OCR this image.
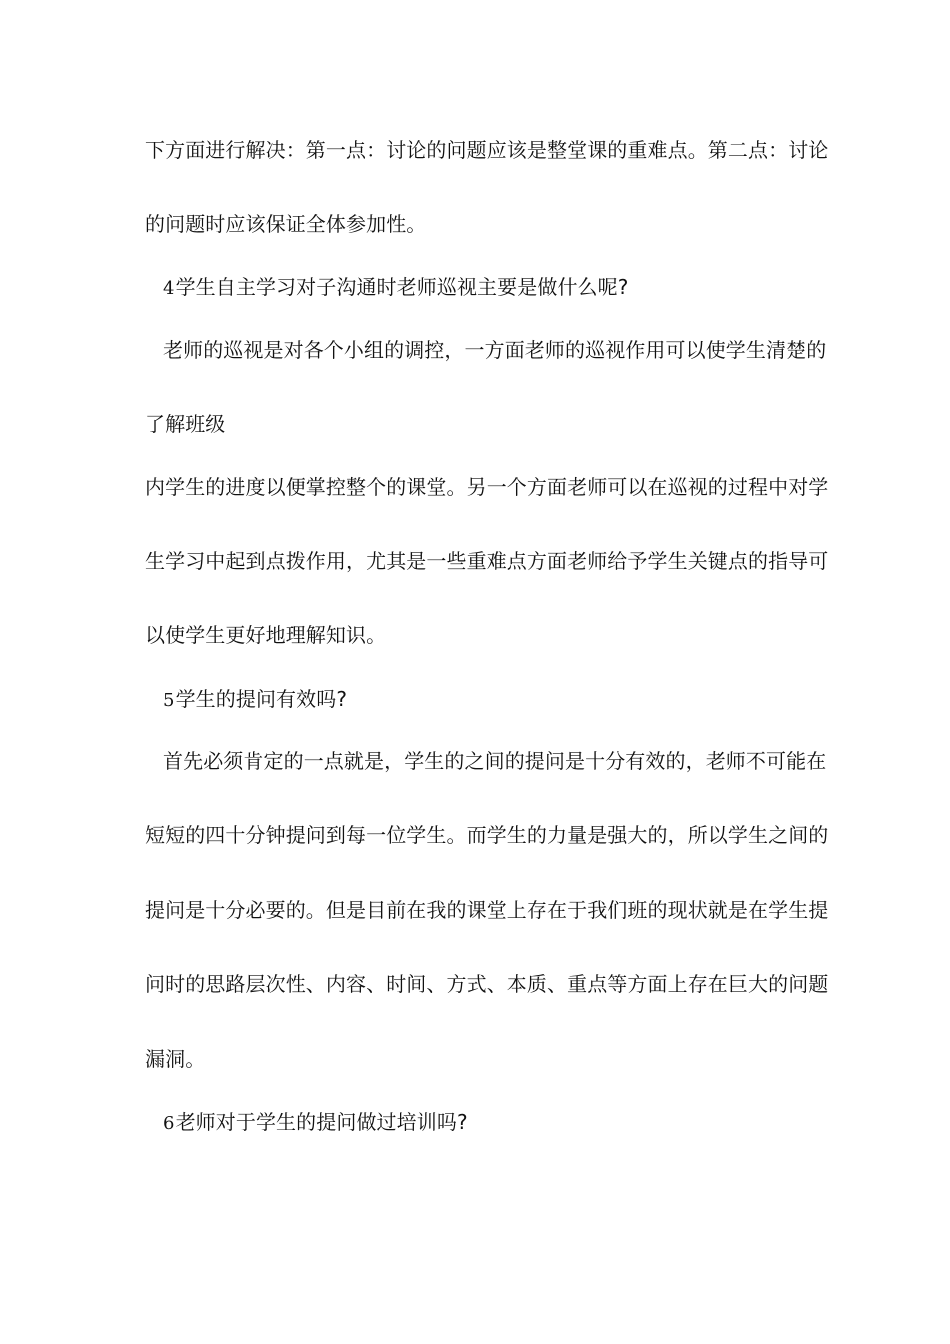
下方面进行解决：第一点：讨论的问题应该是整堂课的重难点。第二点：讨论
的问题时应该保证全体参加性。
4学生自主学习对子沟通时老师巡视主要是做什么呢?
老师的巡视是对各个小组的调控，一方面老师的巡视作用可以使学生清楚的
了解班级
内学生的进度以便掌控整个的课堂。另一个方面老师可以在巡视的过程中对学
生学习中起到点拨作用，尤其是一些重难点方面老师给予学生关键点的指导可
以使学生更好地理解知识。
5学生的提问有效吗?
首先必须肯定的一点就是，学生的之间的提问是十分有效的，老师不可能在
短短的四十分钟提问到每一位学生。而学生的力量是强大的，所以学生之间的
提问是十分必要的。但是目前在我的课堂上存在于我们班的现状就是在学生提
问时的思路层次性、内容、时间、方式、本质、重点等方面上存在巨大的问题
漏洞。
6老师对于学生的提问做过培训吗?
